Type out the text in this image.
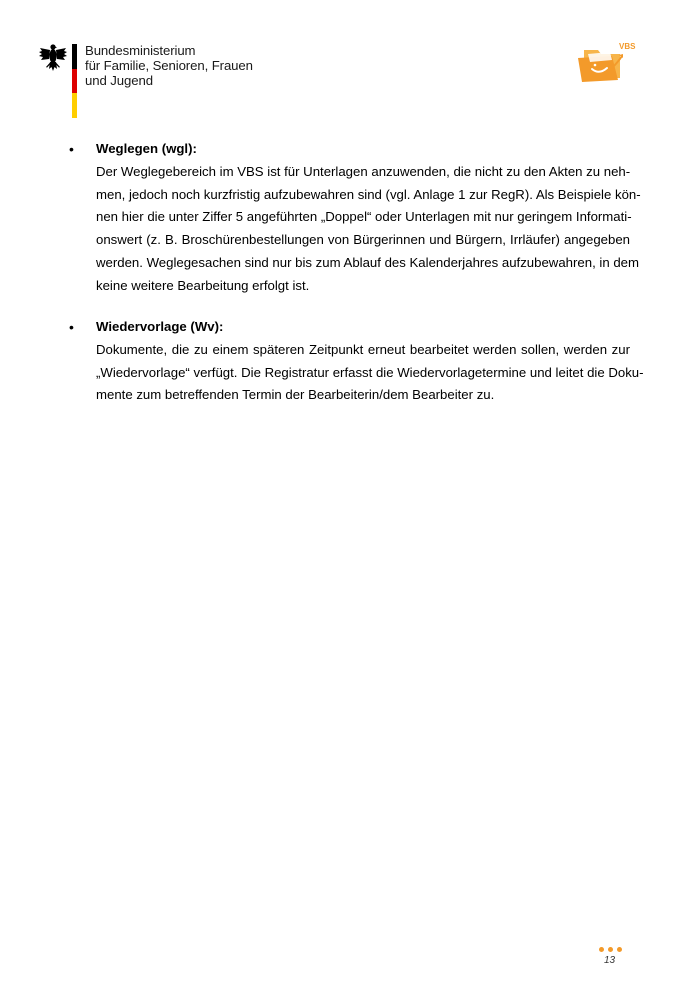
Bundesministerium
für Familie, Senioren, Frauen
und Jugend
VBS
• Weglegen (wgl):

Der Weglegebereich im VBS ist für Unterlagen anzuwenden, die nicht zu den Akten zu neh-

men, jedoch noch kurzfristig aufzubewahren sind (vgl. Anlage 1 zur RegR). Als Beispiele kön-

nen hier die unter Ziffer 5 angeführten „Doppel“ oder Unterlagen mit nur geringem Informati-

onswert (z. B. Broschürenbestellungen von Bürgerinnen und Bürgern, Irrläufer) angegeben

werden. Weglegesachen sind nur bis zum Ablauf des Kalenderjahres aufzubewahren, in dem

keine weitere Bearbeitung erfolgt ist.

• Wiedervorlage (Wv):

Dokumente, die zu einem späteren Zeitpunkt erneut bearbeitet werden sollen, werden zur

„Wiedervorlage“ verfügt. Die Registratur erfasst die Wiedervorlagetermine und leitet die Doku-

mente zum betreffenden Termin der Bearbeiterin/dem Bearbeiter zu.

13
